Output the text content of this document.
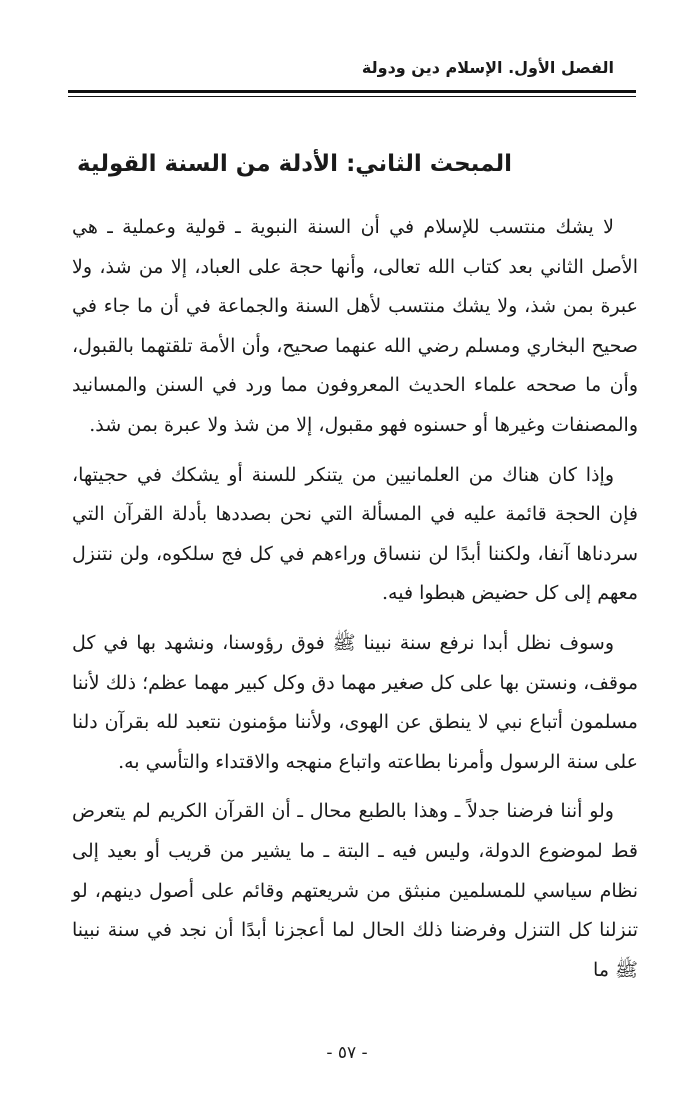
الفصل الأول. الإسلام دين ودولة
المبحث الثاني: الأدلة من السنة القولية

لا يشك منتسب للإسلام في أن السنة النبوية ـ قولية وعملية ـ هي الأصل الثاني بعد كتاب الله تعالى، وأنها حجة على العباد، إلا من شذ، ولا عبرة بمن شذ، ولا يشك منتسب لأهل السنة والجماعة في أن ما جاء في صحيح البخاري ومسلم رضي الله عنهما صحيح، وأن الأمة تلقتهما بالقبول، وأن ما صححه علماء الحديث المعروفون مما ورد في السنن والمسانيد والمصنفات وغيرها أو حسنوه فهو مقبول، إلا من شذ ولا عبرة بمن شذ.

وإذا كان هناك من العلمانيين من يتنكر للسنة أو يشكك في حجيتها، فإن الحجة قائمة عليه في المسألة التي نحن بصددها بأدلة القرآن التي سردناها آنفا، ولكننا أبدًا لن ننساق وراءهم في كل فج سلكوه، ولن نتنزل معهم إلى كل حضيض هبطوا فيه.

وسوف نظل أبدا نرفع سنة نبينا ﷺ فوق رؤوسنا، ونشهد بها في كل موقف، ونستن بها على كل صغير مهما دق وكل كبير مهما عظم؛ ذلك لأننا مسلمون أتباع نبي لا ينطق عن الهوى، ولأننا مؤمنون نتعبد لله بقرآن دلنا على سنة الرسول وأمرنا بطاعته واتباع منهجه والاقتداء والتأسي به.

ولو أننا فرضنا جدلاً ـ وهذا بالطبع محال ـ أن القرآن الكريم لم يتعرض قط لموضوع الدولة، وليس فيه ـ البتة ـ ما يشير من قريب أو بعيد إلى نظام سياسي للمسلمين منبثق من شريعتهم وقائم على أصول دينهم، لو تنزلنا كل التنزل وفرضنا ذلك الحال لما أعجزنا أبدًا أن نجد في سنة نبينا ﷺ ما

- ٥٧ -
